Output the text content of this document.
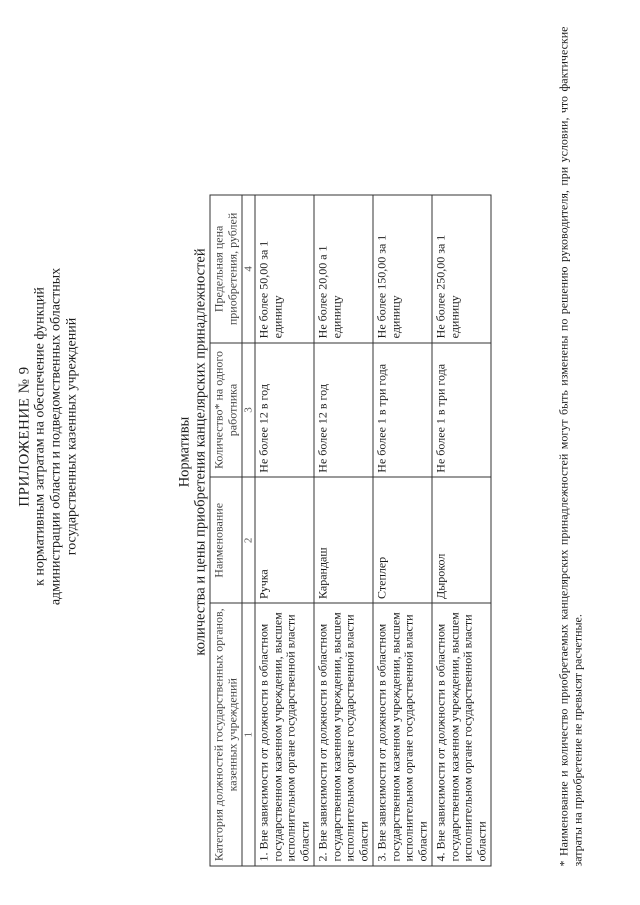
ПРИЛОЖЕНИЕ № 9 к нормативным затратам на обеспечение функций администрации области и подведомственных областных государственных казенных учреждений	Нормативы количества и цены приобретения канцелярских принадлежностей
Категория должностей государственных органов, казенных учреждений	Наименование	Количество* на одного работника	Предельная цена приобретения, рублей
1	2	3	4
1. Вне зависимости от должности в областном государственном казенном учреждении, высшем исполнительном органе государственной власти области	Ручка	Не более 12 в год	Не более 50,00 за 1 единицу
2. Вне зависимости от должности в областном государственном казенном учреждении, высшем исполнительном органе государственной власти области	Карандаш	Не более 12 в год	Не более 20,00 а 1 единицу
3. Вне зависимости от должности в областном государственном казенном учреждении, высшем исполнительном органе государственной власти области	Степлер	Не более 1 в три года	Не более 150,00 за 1 единицу
4. Вне зависимости от должности в областном государственном казенном учреждении, высшем исполнительном органе государственной власти области	Дырокол	Не более 1 в три года	Не более 250,00 за 1 единицу	* Наименование и количество приобретаемых канцелярских принадлежностей могут быть изменены по решению руководителя, при условии, что фактические затраты на приобретение не превысят расчетные.
